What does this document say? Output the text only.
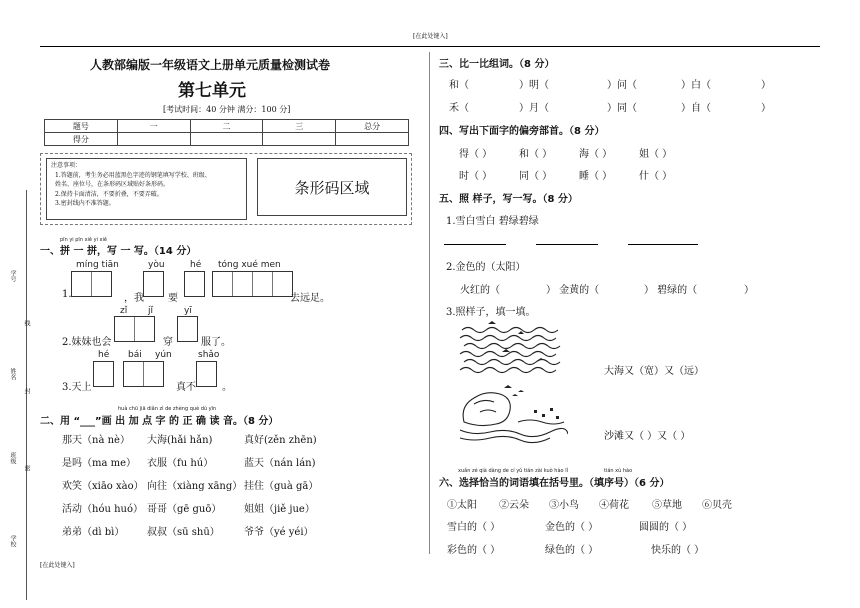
[在此处键入]
[在此处键入]
学号
线
姓名
封
班级
密
学校
人教部编版一年级语文上册单元质量检测试卷
第七单元
[考试时间：40 分钟 满分：100 分]
题号	一	二	三	总分
得分				
注意事项：
1.答题前，考生务必用蓝黑色字迹的钢笔填写学校、班级、
姓名、座位号，在条形码区域贴好条形码。
2.保持卡面清洁，不要折叠，不要弄破。
3.密封线内不准答题。
条形码区域
pīn yi pīn xiě yi xiě
一、拼 一 拼，写 一 写。（14 分）
míng tiān	yòu	hé tóng xué men
1.	，我 要	去远足。
zǐ jǐ	yī
2.妹妹也会	穿	服了。
hé bái yún	shǎo
3.天上	真不	。
huà chū jiā diǎn zì de zhèng què dú yīn
二、用 “___”画 出 加 点 字 的 正 确 读 音。（8 分）
那天（nà nè）	大海(hǎi hǎn)	真好(zěn zhēn)
是吗（ma me）	衣服（fu hú）	蓝天（nán lán)
欢笑（xiāo xào） 向往（xiàng xāng） 挂住（guà gā）
活动（hóu huó） 哥哥（gē guō）	姐姐（jiě jue）
弟弟（dì bì）	叔叔（sū shū）	爷爷（yé yéi）
三、比一比组词。（8 分）
和（	）明（	）问（	）白（	）
禾（	）月（	）同（	）自（	）
四、写出下面字的偏旁部首。（8 分）
得（ ）	和（ ）	海（ ）	姐（ ）
时（ ）	同（ ）	睡（ ）	什（ ）
五、照 样子，写一写。（8 分）
1.雪白雪白 碧绿碧绿
2.金色的（太阳）
火红的（	） 金黄的（	） 碧绿的（	）
3.照样子，填一填。
大海又（宽）又（远）
沙滩又（ ）又（ ）
xuǎn zé qià dàng de cí yǔ tián zài kuò hào lǐ	tián xù hào
六、选择恰当的词语填在括号里。（填序号）（6 分）
①太阳 ②云朵 ③小鸟 ④荷花 ⑤草地 ⑥贝壳
雪白的（ ）	金色的（ ）	圆圆的（ ）
彩色的（ ）	绿色的（ ）	快乐的（ ）
